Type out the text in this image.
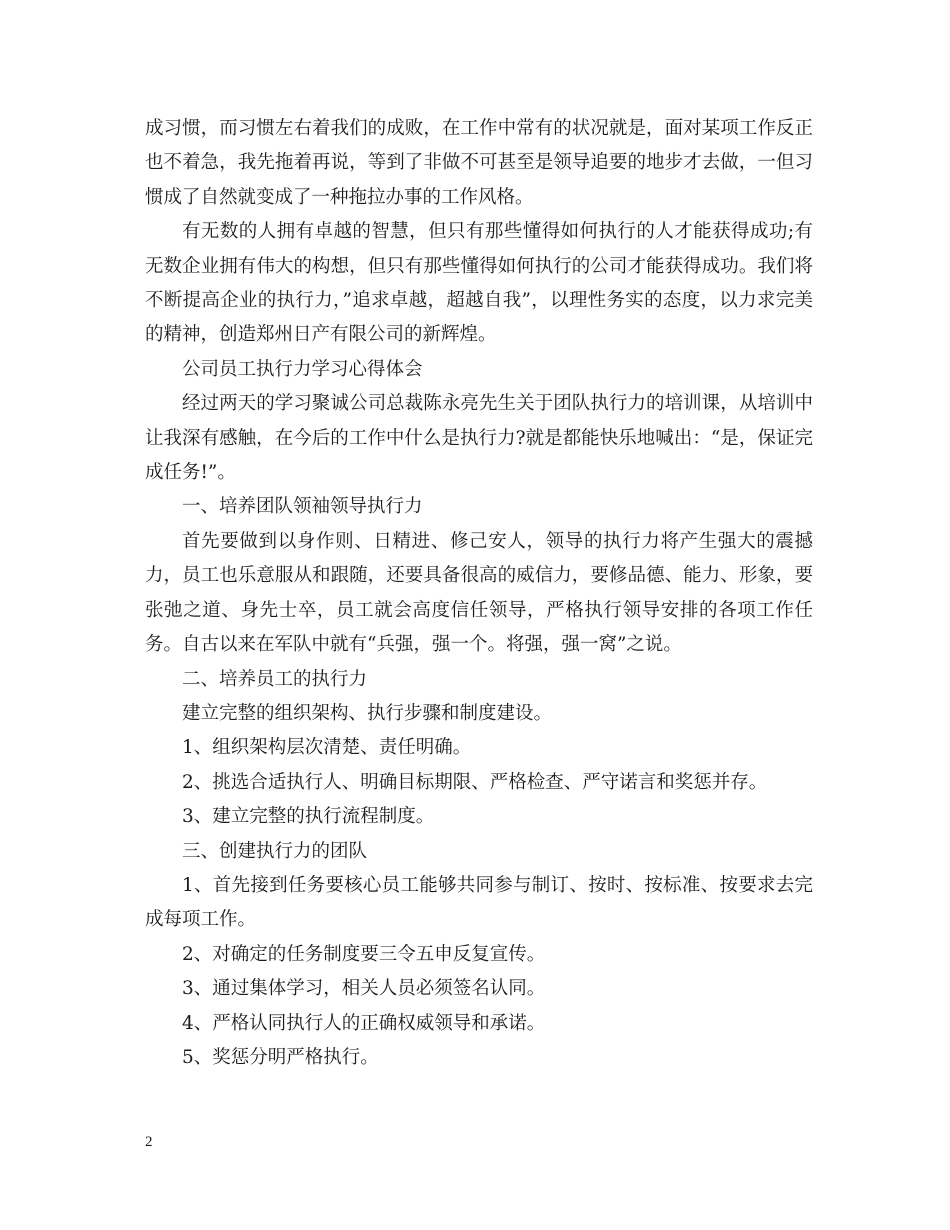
成习惯，而习惯左右着我们的成败，在工作中常有的状况就是，面对某项工作反正也不着急，我先拖着再说，等到了非做不可甚至是领导追要的地步才去做，一但习惯成了自然就变成了一种拖拉办事的工作风格。

有无数的人拥有卓越的智慧，但只有那些懂得如何执行的人才能获得成功;有无数企业拥有伟大的构想，但只有那些懂得如何执行的公司才能获得成功。我们将不断提高企业的执行力，”追求卓越，超越自我”，以理性务实的态度，以力求完美的精神，创造郑州日产有限公司的新辉煌。

公司员工执行力学习心得体会

经过两天的学习聚诚公司总裁陈永亮先生关于团队执行力的培训课，从培训中让我深有感触，在今后的工作中什么是执行力?就是都能快乐地喊出：“是，保证完成任务!”。

一、培养团队领袖领导执行力

首先要做到以身作则、日精进、修己安人，领导的执行力将产生强大的震撼力，员工也乐意服从和跟随，还要具备很高的威信力，要修品德、能力、形象，要张弛之道、身先士卒，员工就会高度信任领导，严格执行领导安排的各项工作任务。自古以来在军队中就有“兵强，强一个。将强，强一窝”之说。

二、培养员工的执行力

建立完整的组织架构、执行步骤和制度建设。

1、组织架构层次清楚、责任明确。

2、挑选合适执行人、明确目标期限、严格检查、严守诺言和奖惩并存。

3、建立完整的执行流程制度。

三、创建执行力的团队

1、首先接到任务要核心员工能够共同参与制订、按时、按标准、按要求去完成每项工作。

2、对确定的任务制度要三令五申反复宣传。

3、通过集体学习，相关人员必须签名认同。

4、严格认同执行人的正确权威领导和承诺。

5、奖惩分明严格执行。

2
